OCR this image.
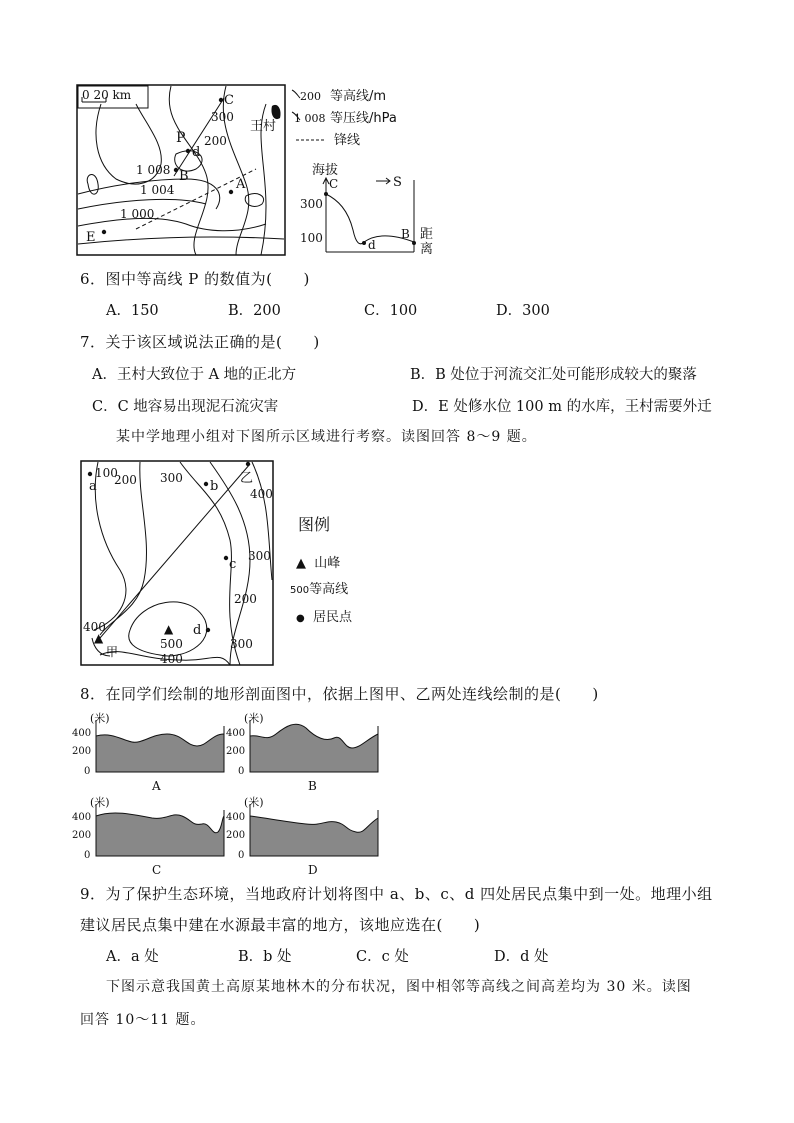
0 20 km
300
200
P
1 008
1 004
1 000
C
d
B
A
E
王村
200 等高线/m
1 008 等压线/hPa
锋线
海拔
300
100
C
d
B
S
距
离
6．图中等高线 P 的数值为(　　)
A．150	B．200	C．100	D．300
7．关于该区域说法正确的是(　　)
A．王村大致位于 A 地的正北方	B．B 处位于河流交汇处可能形成较大的聚落
C．C 地容易出现泥石流灾害	D．E 处修水位 100 m 的水库，王村需要外迁
某中学地理小组对下图所示区域进行考察。读图回答 8～9 题。
100
a 200 300
b
乙
400
300
c
200
300
400
▲
甲
▲
500
d
400
图例
▲ 山峰
500等高线
● 居民点
8．在同学们绘制的地形剖面图中，依据上图甲、乙两处连线绘制的是(　　)
(米)
400
200
0
A
(米)
400
200
0
B
(米)
400
200
0
C
(米)
400
200
0
D
9．为了保护生态环境，当地政府计划将图中 a、b、c、d 四处居民点集中到一处。地理小组
建议居民点集中建在水源最丰富的地方，该地应选在(　　)
A．a 处	B．b 处	C．c 处	D．d 处
下图示意我国黄土高原某地林木的分布状况，图中相邻等高线之间高差均为 30 米。读图
回答 10～11 题。
